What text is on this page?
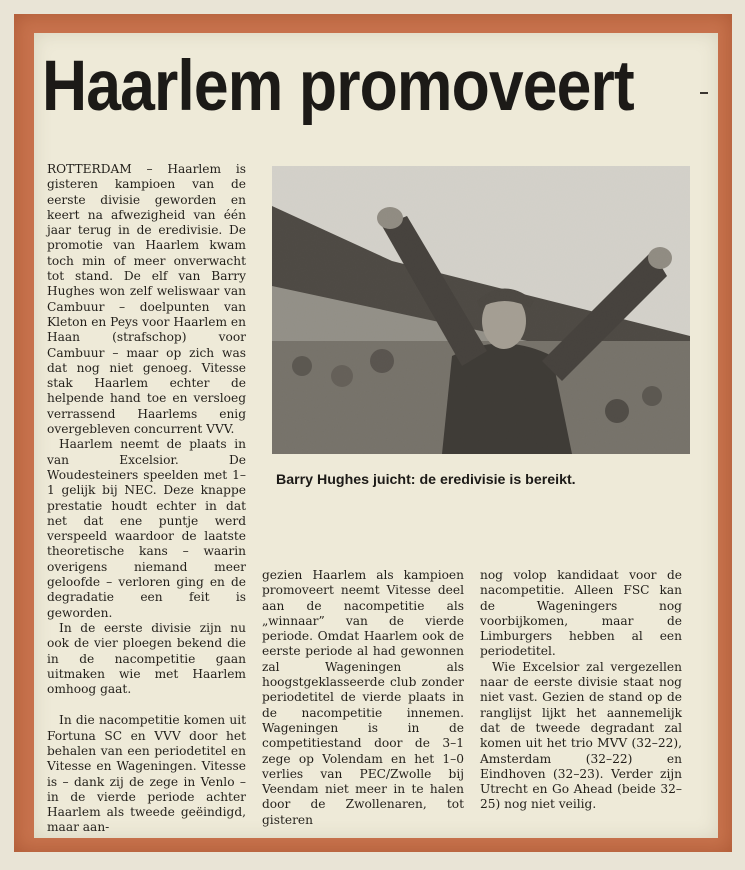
Haarlem promoveert

ROTTERDAM – Haarlem is gisteren kampioen van de eerste divisie geworden en keert na afwezigheid van één jaar terug in de eredivisie. De promotie van Haarlem kwam toch min of meer onverwacht tot stand. De elf van Barry Hughes won zelf weliswaar van Cambuur – doelpunten van Kleton en Peys voor Haarlem en Haan (strafschop) voor Cambuur – maar op zich was dat nog niet genoeg. Vitesse stak Haarlem echter de helpende hand toe en versloeg verrassend Haarlems enig overgebleven concurrent VVV.

Haarlem neemt de plaats in van Excelsior. De Woudesteiners speelden met 1–1 gelijk bij NEC. Deze knappe prestatie houdt echter in dat net dat ene puntje werd verspeeld waardoor de laatste theoretische kans – waarin overigens niemand meer geloofde – verloren ging en de degradatie een feit is geworden.

In de eerste divisie zijn nu ook de vier ploegen bekend die in de nacompetitie gaan uitmaken wie met Haarlem omhoog gaat.

In die nacompetitie komen uit Fortuna SC en VVV door het behalen van een periodetitel en Vitesse en Wageningen. Vitesse is – dank zij de zege in Venlo – in de vierde periode achter Haarlem als tweede geëindigd, maar aan-

Barry Hughes juicht: de eredivisie is bereikt.

gezien Haarlem als kampioen promoveert neemt Vitesse deel aan de nacompetitie als „winnaar” van de vierde periode. Omdat Haarlem ook de eerste periode al had gewonnen zal Wageningen als hoogstgeklasseerde club zonder periodetitel de vierde plaats in de nacompetitie innemen. Wageningen is in de competitiestand door de 3–1 zege op Volendam en het 1–0 verlies van PEC/Zwolle bij Veendam niet meer in te halen door de Zwollenaren, tot gisteren

nog volop kandidaat voor de nacompetitie. Alleen FSC kan de Wageningers nog voorbijkomen, maar de Limburgers hebben al een periodetitel.

Wie Excelsior zal vergezellen naar de eerste divisie staat nog niet vast. Gezien de stand op de ranglijst lijkt het aannemelijk dat de tweede degradant zal komen uit het trio MVV (32–22), Amsterdam (32–22) en Eindhoven (32–23). Verder zijn Utrecht en Go Ahead (beide 32–25) nog niet veilig.
